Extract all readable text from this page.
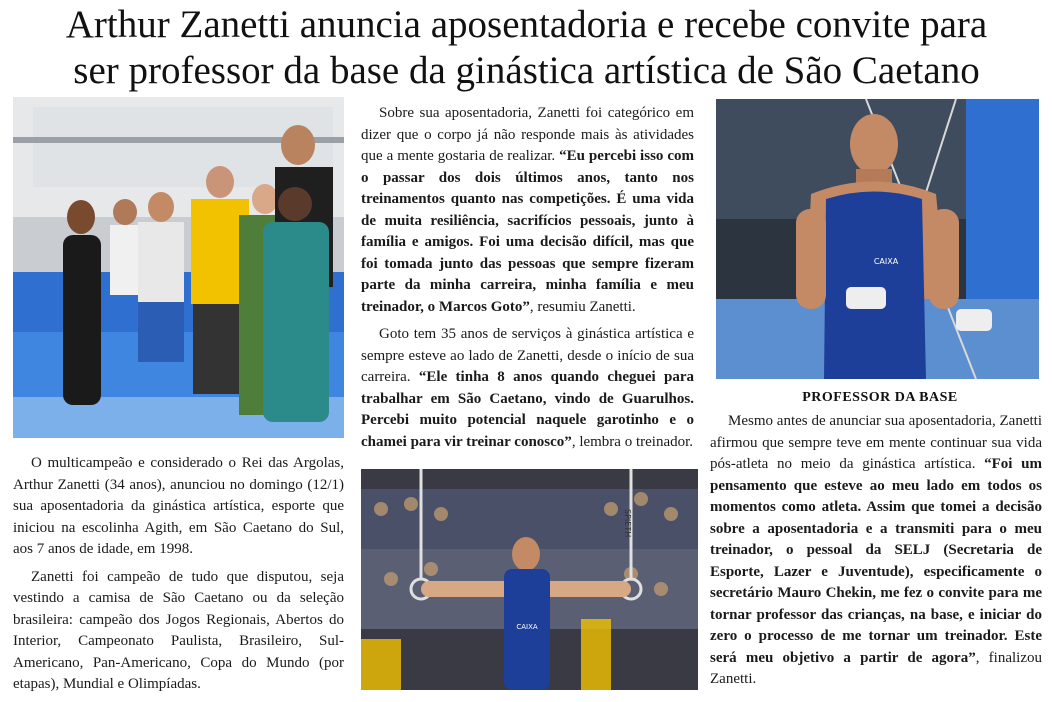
Arthur Zanetti anuncia aposentadoria e recebe convite para
ser professor da base da ginástica artística de São Caetano

O multicampeão e considerado o Rei das Argolas, Arthur Zanetti (34 anos), anunciou no domingo (12/1) sua aposentadoria da ginástica artística, esporte que iniciou na escolinha Agith, em São Caetano do Sul, aos 7 anos de idade, em 1998.

Zanetti foi campeão de tudo que disputou, seja vestindo a camisa de São Caetano ou da seleção brasileira: campeão dos Jogos Regionais, Abertos do Interior, Campeonato Paulista, Brasileiro, Sul-Americano, Pan-Americano, Copa do Mundo (por etapas), Mundial e Olimpíadas.

Sobre sua aposentadoria, Zanetti foi categórico em dizer que o corpo já não responde mais às atividades que a mente gostaria de realizar. “Eu percebi isso com o passar dos dois últimos anos, tanto nos treinamentos quanto nas competições. É uma vida de muita resiliência, sacrifícios pessoais, junto à família e amigos. Foi uma decisão difícil, mas que foi tomada junto das pessoas que sempre fizeram parte da minha carreira, minha família e meu treinador, o Marcos Goto”, resumiu Zanetti.

Goto tem 35 anos de serviços à ginástica artística e sempre esteve ao lado de Zanetti, desde o início de sua carreira. “Ele tinha 8 anos quando cheguei para trabalhar em São Caetano, vindo de Guarulhos. Percebi muito potencial naquele garotinho e o chamei para vir treinar conosco”, lembra o treinador.

SPIETH
CAIXA
CAIXA
PROFESSOR DA BASE

Mesmo antes de anunciar sua aposentadoria, Zanetti afirmou que sempre teve em mente continuar sua vida pós-atleta no meio da ginástica artística. “Foi um pensamento que esteve ao meu lado em todos os momentos como atleta. Assim que tomei a decisão sobre a aposentadoria e a transmiti para o meu treinador, o pessoal da SELJ (Secretaria de Esporte, Lazer e Juventude), especificamente o secretário Mauro Chekin, me fez o convite para me tornar professor das crianças, na base, e iniciar do zero o processo de me tornar um treinador. Este será meu objetivo a partir de agora”, finalizou Zanetti.
